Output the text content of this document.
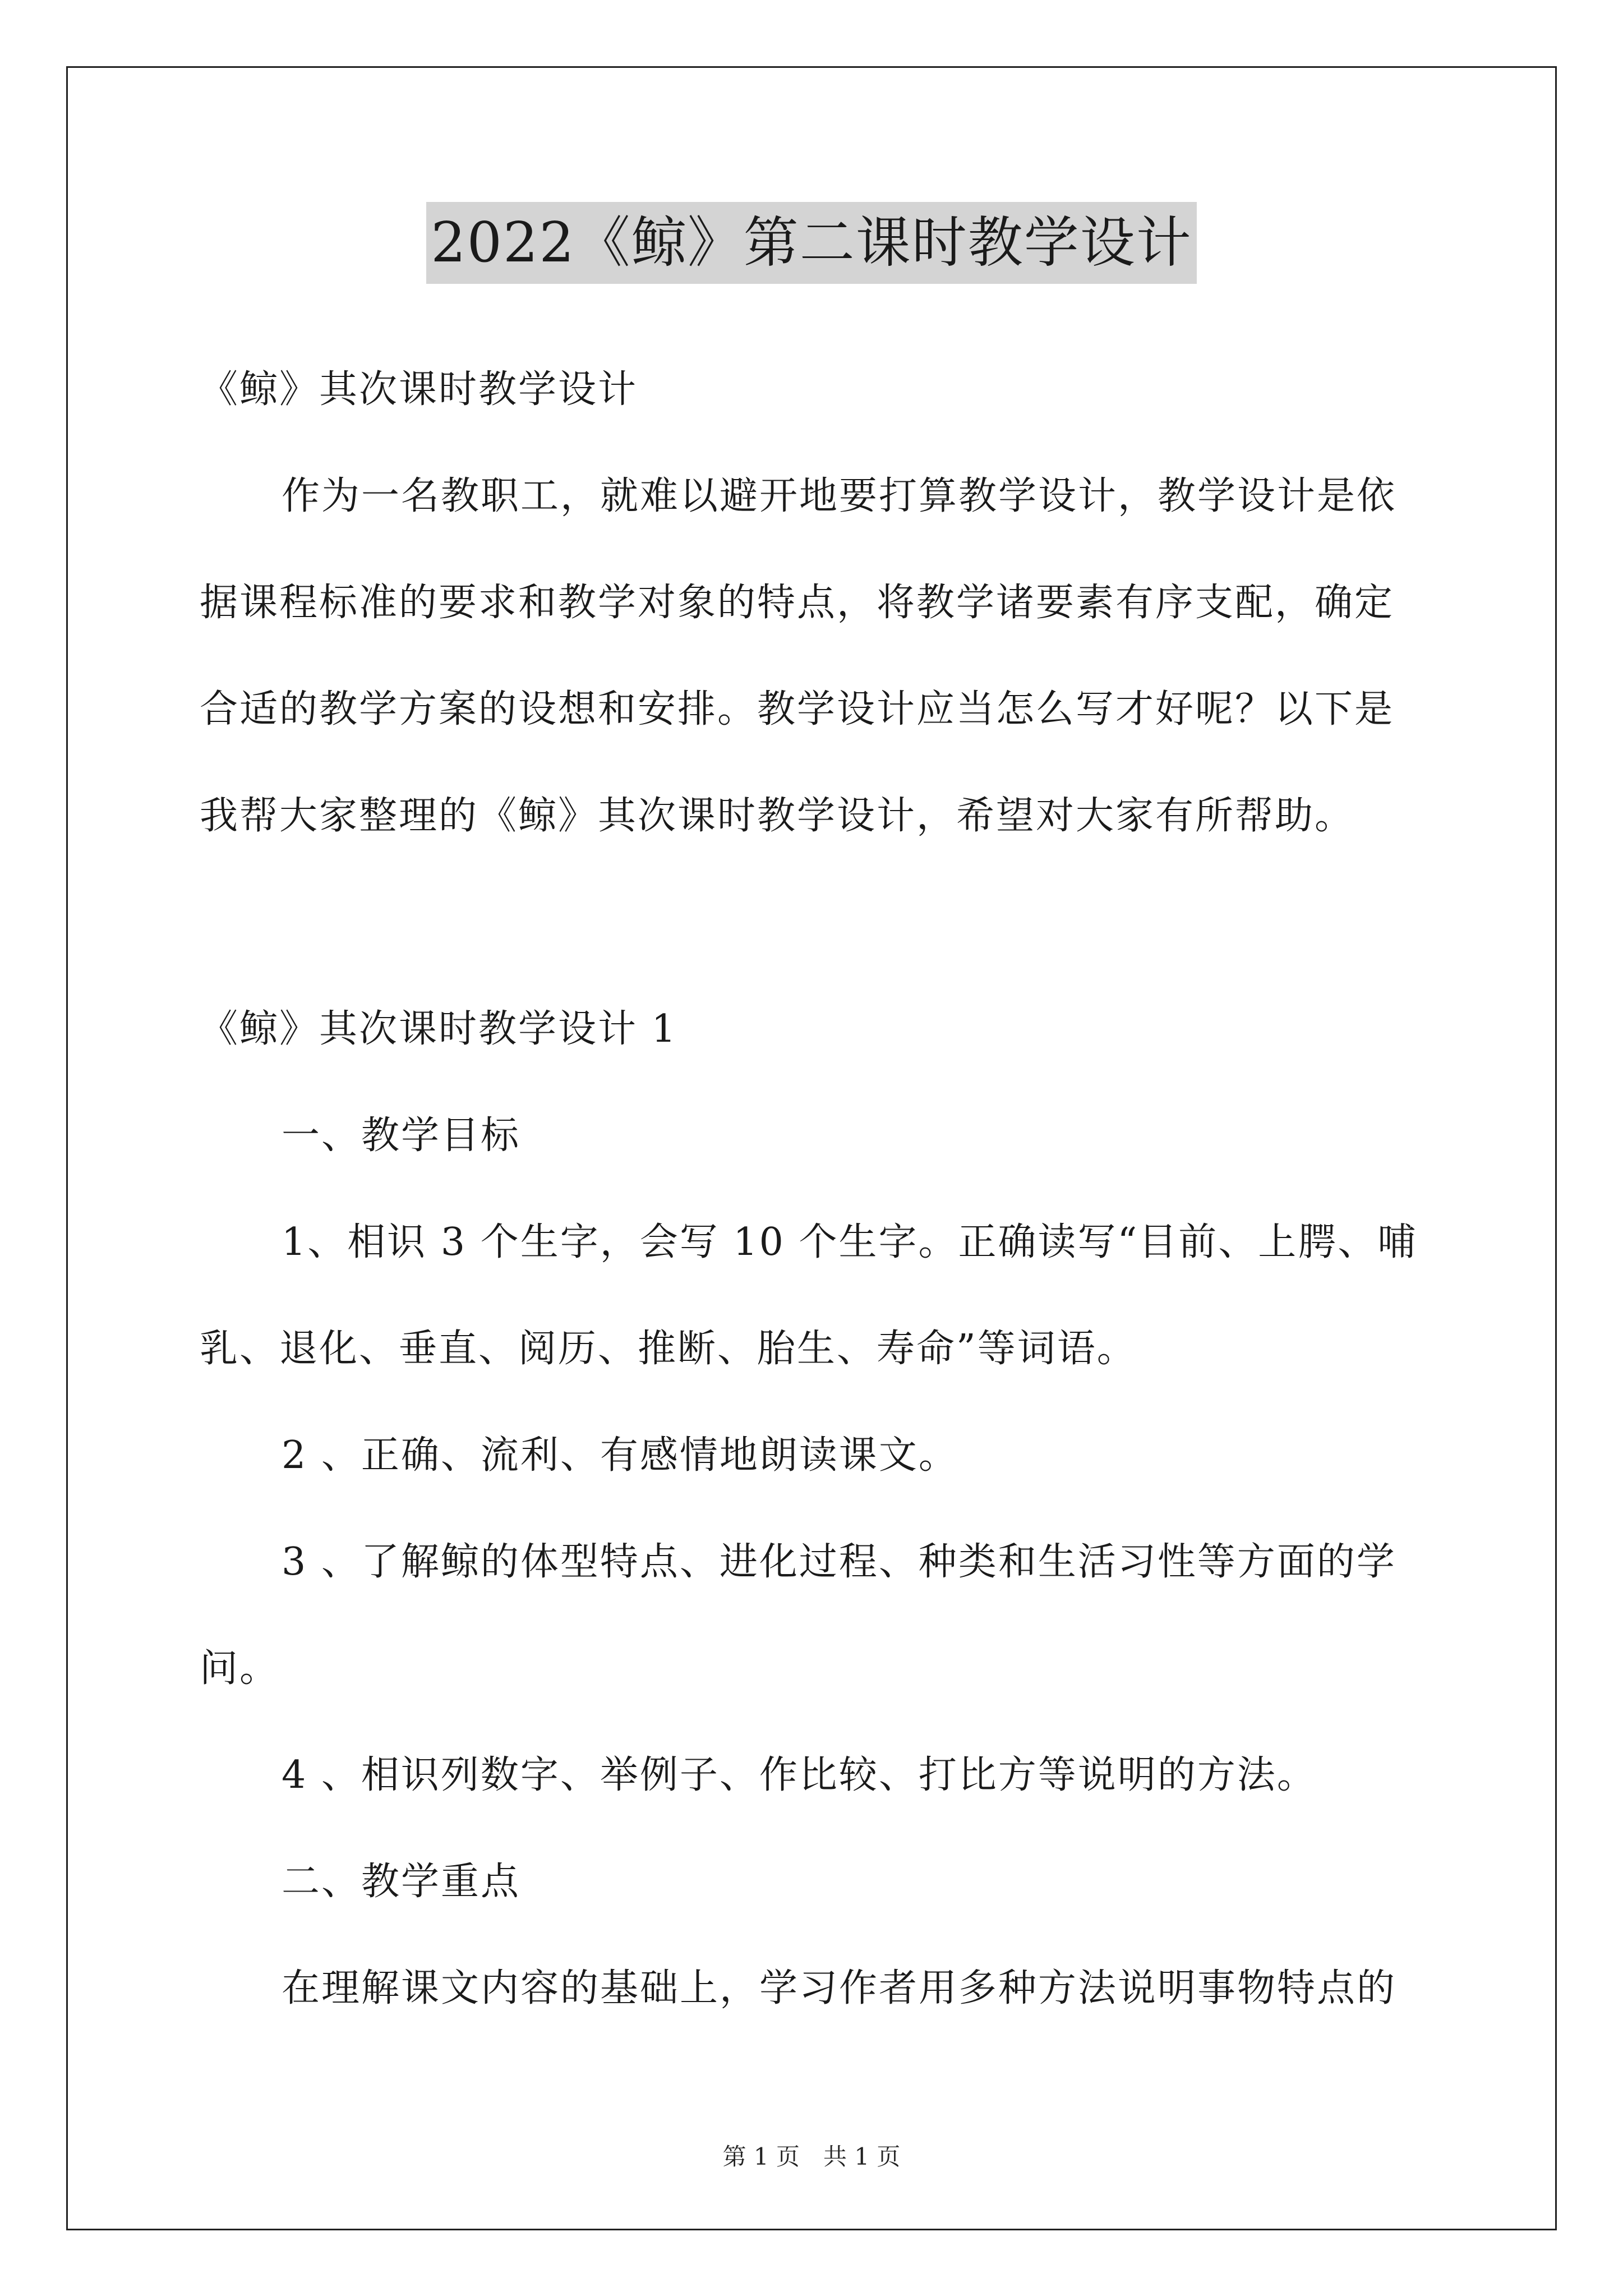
2022《鲸》第二课时教学设计
《鲸》其次课时教学设计
作为一名教职工，就难以避开地要打算教学设计，教学设计是依
据课程标准的要求和教学对象的特点，将教学诸要素有序支配，确定
合适的教学方案的设想和安排。教学设计应当怎么写才好呢？以下是
我帮大家整理的《鲸》其次课时教学设计，希望对大家有所帮助。
《鲸》其次课时教学设计 1
一、教学目标
1、相识 3 个生字，会写 10 个生字。正确读写“目前、上腭、哺
乳、退化、垂直、阅历、推断、胎生、寿命”等词语。
2 、正确、流利、有感情地朗读课文。
3 、了解鲸的体型特点、进化过程、种类和生活习性等方面的学
问。
4 、相识列数字、举例子、作比较、打比方等说明的方法。
二、教学重点
在理解课文内容的基础上，学习作者用多种方法说明事物特点的
第 1 页　共 1 页
